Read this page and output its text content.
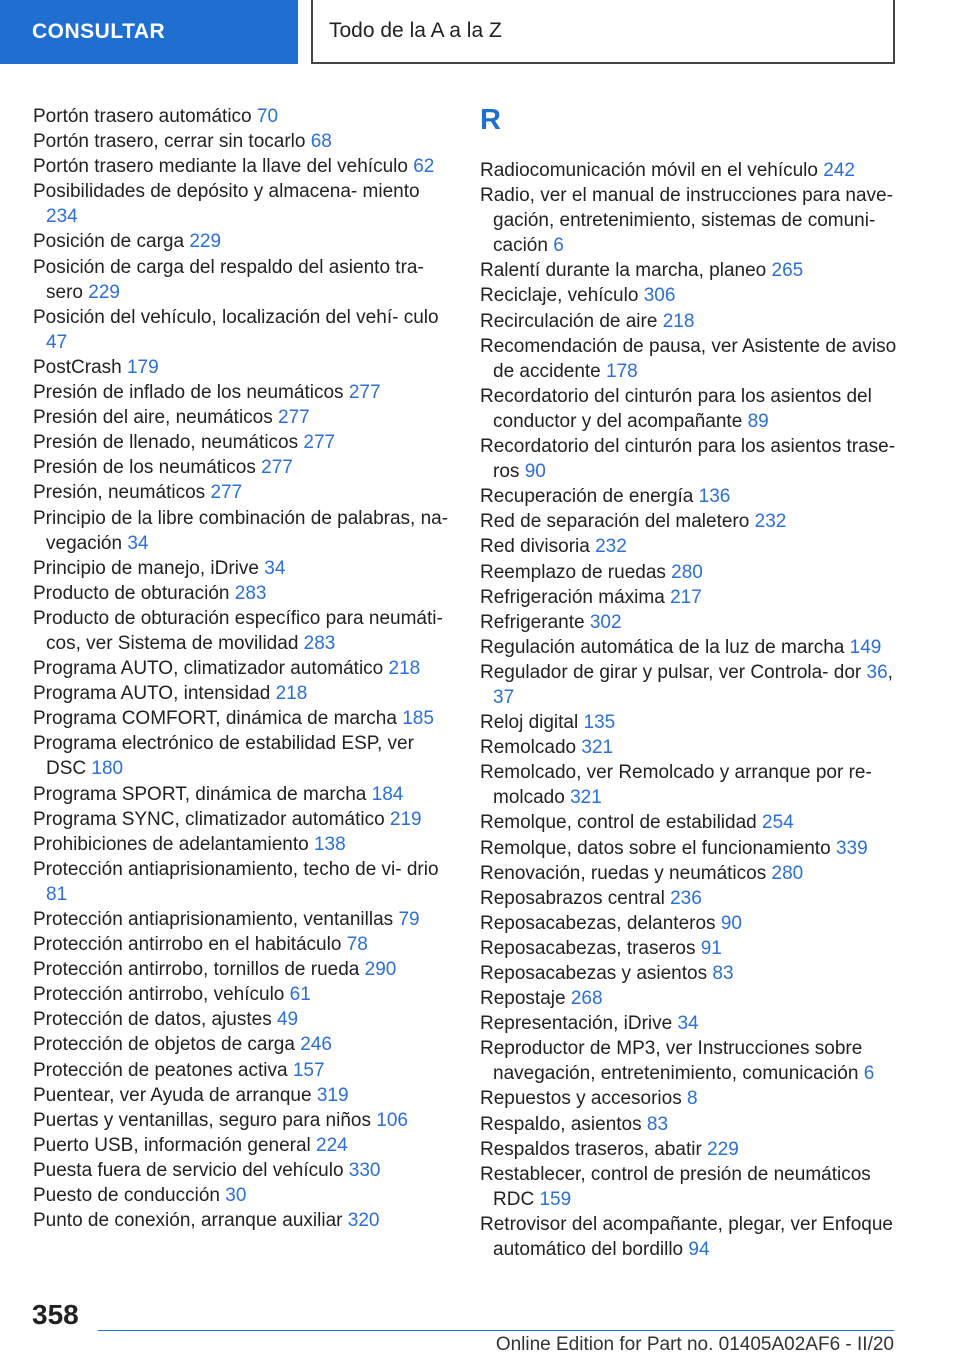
CONSULTAR	Todo de la A a la Z

Portón trasero automático 70

Portón trasero, cerrar sin tocarlo 68

Portón trasero mediante la llave del vehículo 62

Posibilidades de depósito y almacena- miento 234

Posición de carga 229

Posición de carga del respaldo del asiento tra- sero 229

Posición del vehículo, localización del vehí- culo 47

PostCrash 179

Presión de inflado de los neumáticos 277

Presión del aire, neumáticos 277

Presión de llenado, neumáticos 277

Presión de los neumáticos 277

Presión, neumáticos 277

Principio de la libre combinación de palabras, na- vegación 34

Principio de manejo, iDrive 34

Producto de obturación 283

Producto de obturación específico para neumáti- cos, ver Sistema de movilidad 283

Programa AUTO, climatizador automático 218

Programa AUTO, intensidad 218

Programa COMFORT, dinámica de marcha 185

Programa electrónico de estabilidad ESP, ver DSC 180

Programa SPORT, dinámica de marcha 184

Programa SYNC, climatizador automático 219

Prohibiciones de adelantamiento 138

Protección antiaprisionamiento, techo de vi- drio 81

Protección antiaprisionamiento, ventanillas 79

Protección antirrobo en el habitáculo 78

Protección antirrobo, tornillos de rueda 290

Protección antirrobo, vehículo 61

Protección de datos, ajustes 49

Protección de objetos de carga 246

Protección de peatones activa 157

Puentear, ver Ayuda de arranque 319

Puertas y ventanillas, seguro para niños 106

Puerto USB, información general 224

Puesta fuera de servicio del vehículo 330

Puesto de conducción 30

Punto de conexión, arranque auxiliar 320

R

Radiocomunicación móvil en el vehículo 242

Radio, ver el manual de instrucciones para nave- gación, entretenimiento, sistemas de comuni- cación 6

Ralentí durante la marcha, planeo 265

Reciclaje, vehículo 306

Recirculación de aire 218

Recomendación de pausa, ver Asistente de aviso de accidente 178

Recordatorio del cinturón para los asientos del conductor y del acompañante 89

Recordatorio del cinturón para los asientos trase- ros 90

Recuperación de energía 136

Red de separación del maletero 232

Red divisoria 232

Reemplazo de ruedas 280

Refrigeración máxima 217

Refrigerante 302

Regulación automática de la luz de marcha 149

Regulador de girar y pulsar, ver Controla- dor 36, 37

Reloj digital 135

Remolcado 321

Remolcado, ver Remolcado y arranque por re- molcado 321

Remolque, control de estabilidad 254

Remolque, datos sobre el funcionamiento 339

Renovación, ruedas y neumáticos 280

Reposabrazos central 236

Reposacabezas, delanteros 90

Reposacabezas, traseros 91

Reposacabezas y asientos 83

Repostaje 268

Representación, iDrive 34

Reproductor de MP3, ver Instrucciones sobre navegación, entretenimiento, comunicación 6

Repuestos y accesorios 8

Respaldo, asientos 83

Respaldos traseros, abatir 229

Restablecer, control de presión de neumáticos RDC 159

Retrovisor del acompañante, plegar, ver Enfoque automático del bordillo 94

358
Online Edition for Part no. 01405A02AF6 - II/20
